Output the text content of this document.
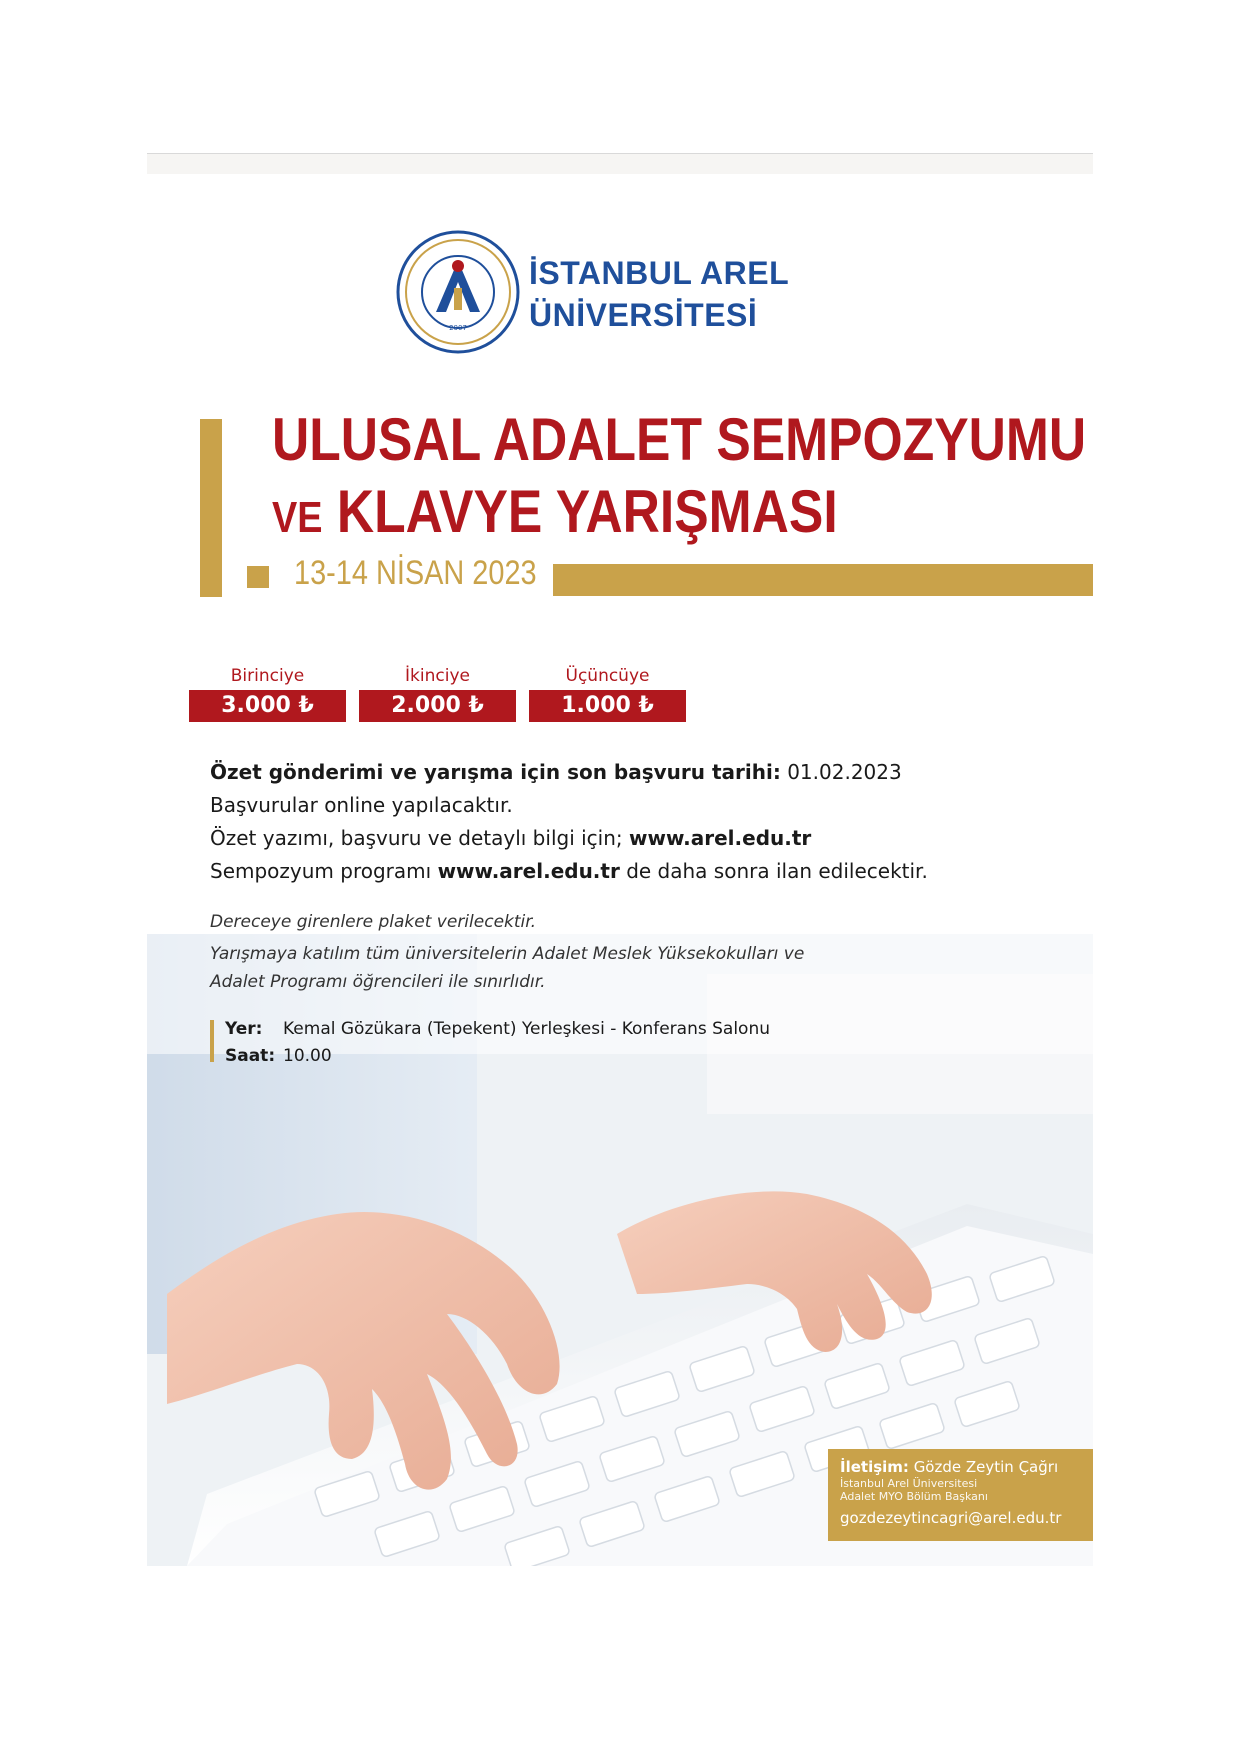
2007
İSTANBUL AREL
ÜNİVERSİTESİ
ULUSAL ADALET SEMPOZYUMU
VE KLAVYE YARIŞMASI
13-14 NİSAN 2023
Birinciye
3.000 ₺
İkinciye
2.000 ₺
Üçüncüye
1.000 ₺

Özet gönderimi ve yarışma için son başvuru tarihi: 01.02.2023

Başvurular online yapılacaktır.

Özet yazımı, başvuru ve detaylı bilgi için; www.arel.edu.tr

Sempozyum programı www.arel.edu.tr de daha sonra ilan edilecektir.

Dereceye girenlere plaket verilecektir.

Yarışmaya katılım tüm üniversitelerin Adalet Meslek Yüksekokulları ve

Adalet Programı öğrencileri ile sınırlıdır.

Yer: Kemal Gözükara (Tepekent) Yerleşkesi - Konferans Salonu
Saat: 10.00
İletişim: Gözde Zeytin Çağrı
İstanbul Arel Üniversitesi
Adalet MYO Bölüm Başkanı
gozdezeytincagri@arel.edu.tr
